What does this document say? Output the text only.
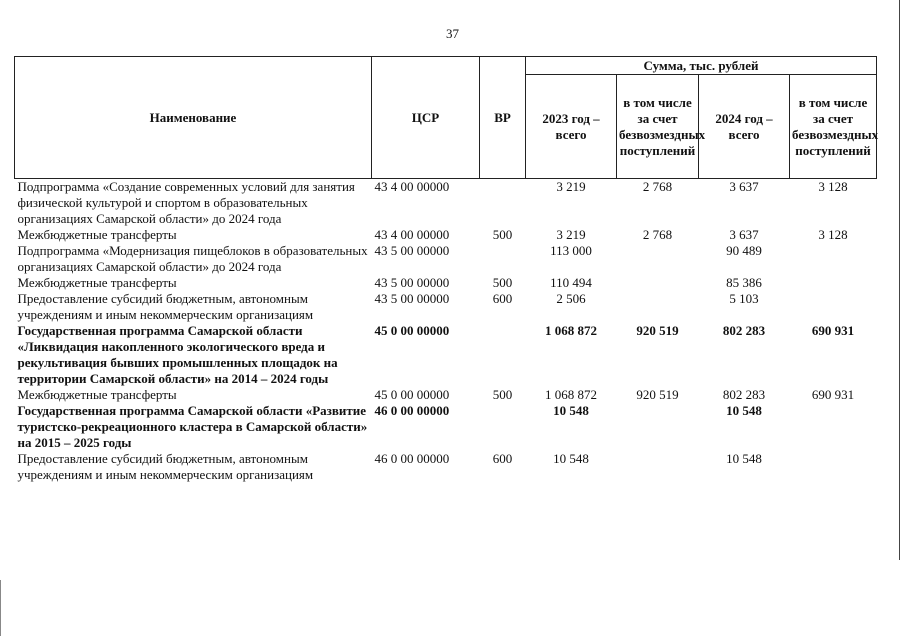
37
Наименование	ЦСР	ВР	Сумма, тыс. рублей			
			2023 год – всего	в том числе за счет безвозмездных поступлений	2024 год – всего	в том числе за счет безвозмездных поступлений
Подпрограмма «Создание современных условий для занятия физической культурой и спортом в образовательных организациях Самарской области» до 2024 года	43 4 00 00000		3 219	2 768	3 637	3 128
Межбюджетные трансферты	43 4 00 00000	500	3 219	2 768	3 637	3 128
Подпрограмма «Модернизация пищеблоков в образовательных организациях Самарской области» до 2024 года	43 5 00 00000		113 000		90 489	
Межбюджетные трансферты	43 5 00 00000	500	110 494		85 386	
Предоставление субсидий бюджетным, автономным учреждениям и иным некоммерческим организациям	43 5 00 00000	600	2 506		5 103	
Государственная программа Самарской области «Ликвидация накопленного экологического вреда и рекультивация бывших промышленных площадок на территории Самарской области» на 2014 – 2024 годы	45 0 00 00000		1 068 872	920 519	802 283	690 931
Межбюджетные трансферты	45 0 00 00000	500	1 068 872	920 519	802 283	690 931
Государственная программа Самарской области «Развитие туристско-рекреационного кластера в Самарской области» на 2015 – 2025 годы	46 0 00 00000		10 548		10 548	
Предоставление субсидий бюджетным, автономным учреждениям и иным некоммерческим организациям	46 0 00 00000	600	10 548		10 548	
